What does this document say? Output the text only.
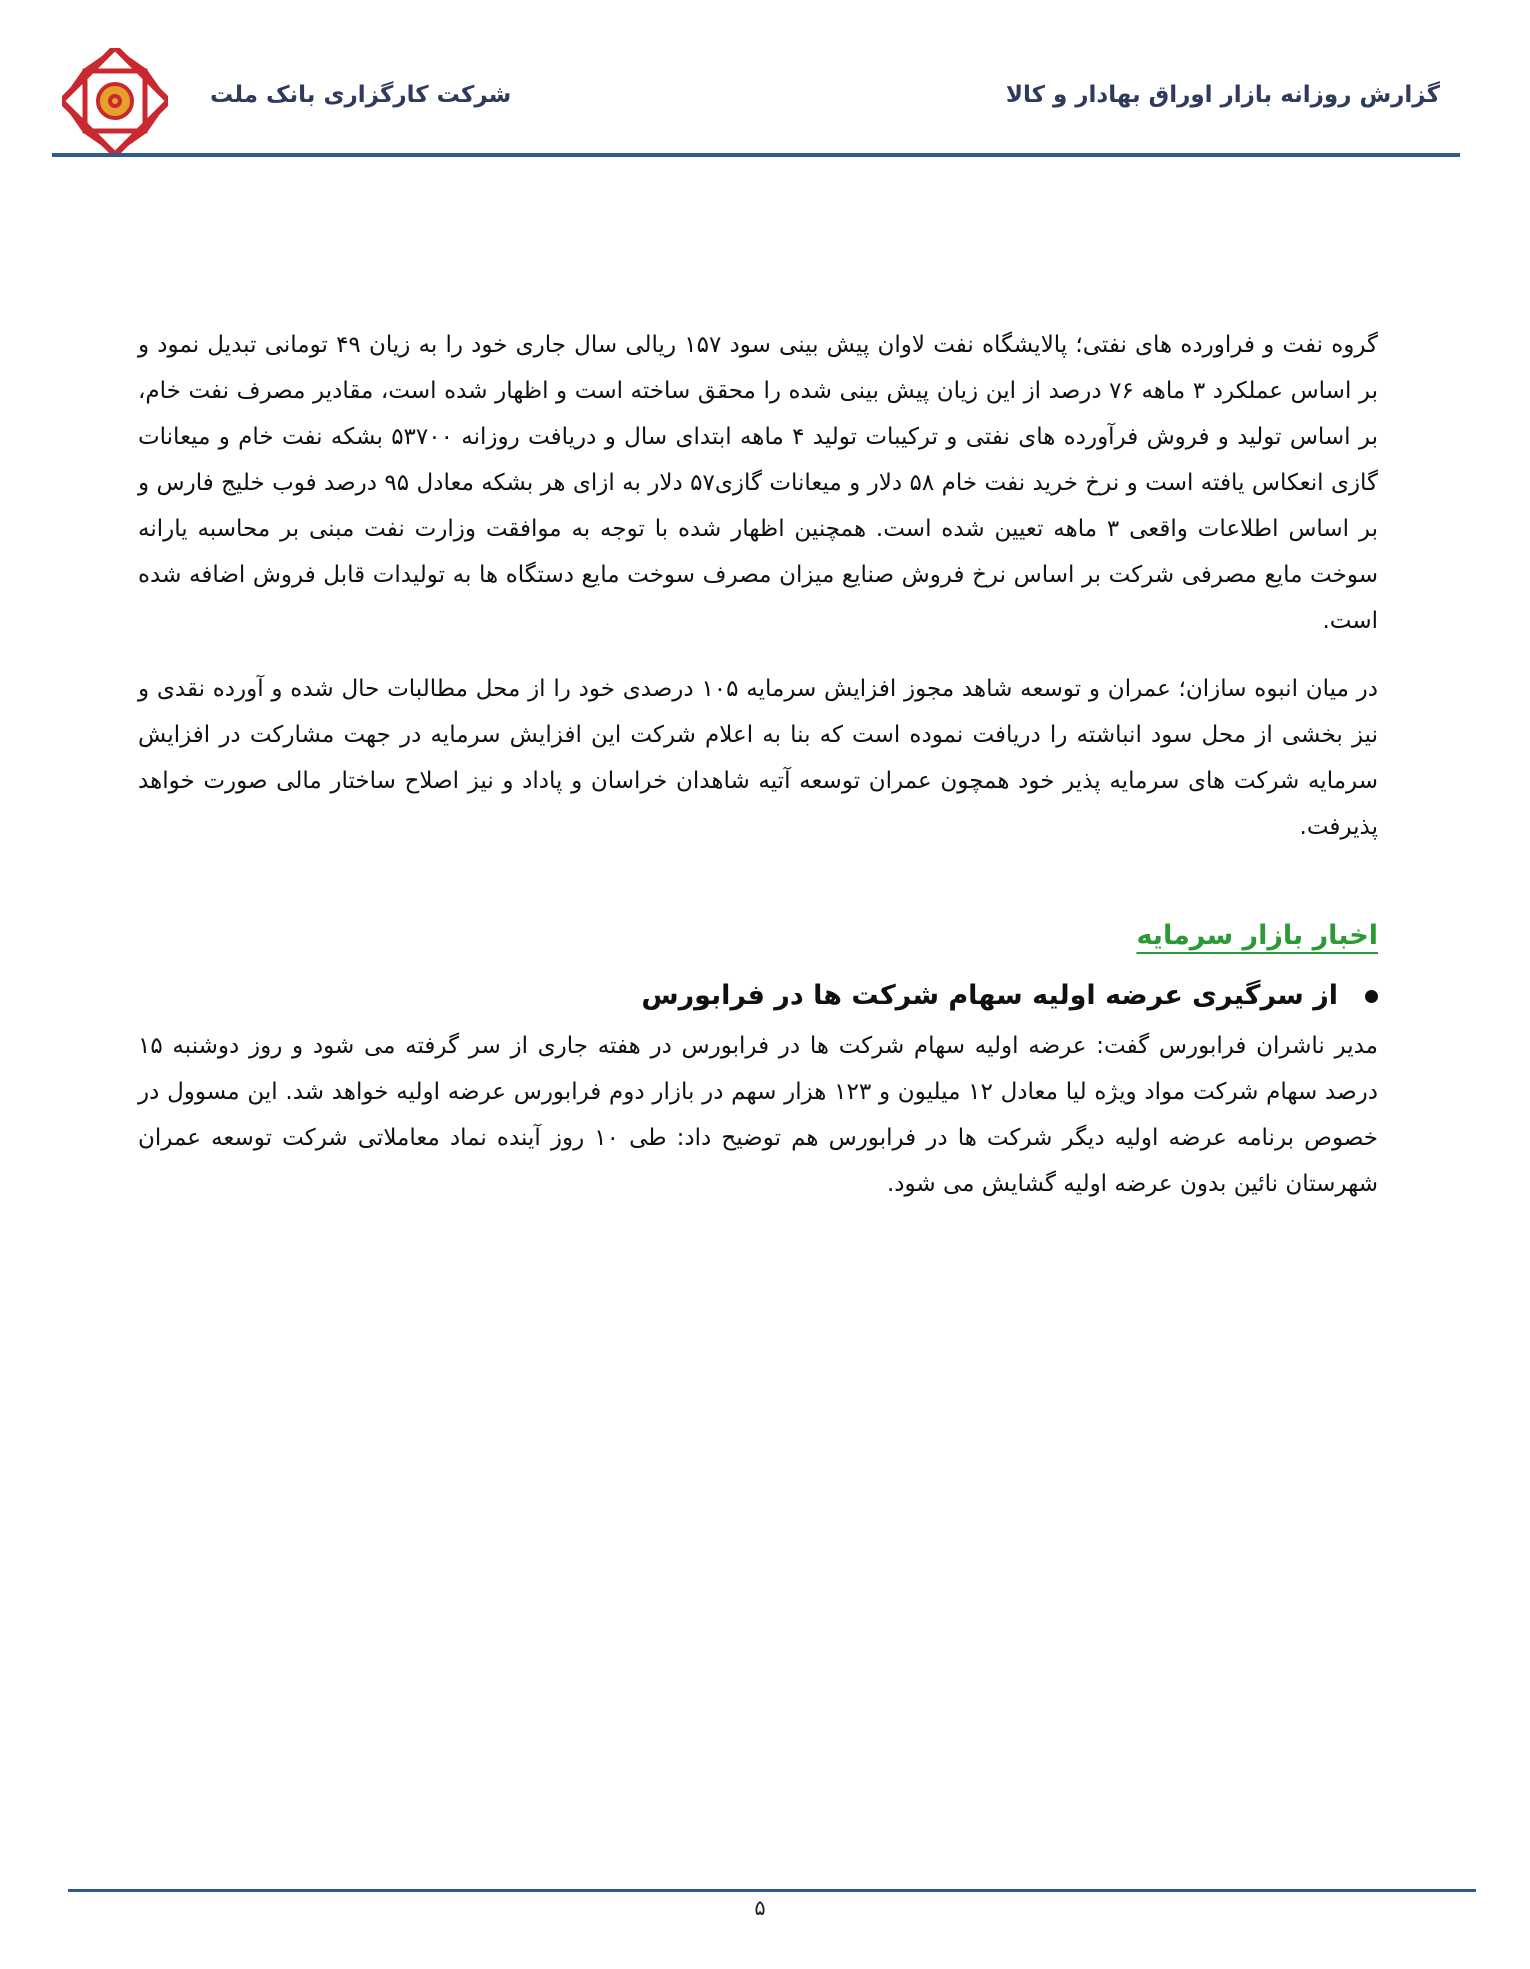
گزارش روزانه بازار اوراق بهادار و کالا
شرکت کارگزاری بانک ملت

گروه نفت و فراورده های نفتی؛ پالایشگاه نفت لاوان پیش بینی سود ۱۵۷ ریالی سال جاری خود را به زیان ۴۹ تومانی تبدیل نمود و بر اساس عملکرد ۳ ماهه ۷۶ درصد از این زیان پیش بینی شده را محقق ساخته است و اظهار شده است، مقادیر مصرف نفت خام، بر اساس تولید و فروش فرآورده های نفتی و ترکیبات تولید ۴ ماهه ابتدای سال و دریافت روزانه ۵۳۷۰۰ بشکه نفت خام و میعانات گازی انعکاس یافته است و نرخ خرید نفت خام ۵۸ دلار و میعانات گازی۵۷ دلار به ازای هر بشکه معادل ۹۵ درصد فوب خلیج فارس و بر اساس اطلاعات واقعی ۳ ماهه تعیین شده است. همچنین اظهار شده با توجه به موافقت وزارت نفت مبنی بر محاسبه یارانه سوخت مایع مصرفی شرکت بر اساس نرخ فروش صنایع میزان مصرف سوخت مایع دستگاه ها به تولیدات قابل فروش اضافه شده است.

در میان انبوه سازان؛ عمران و توسعه شاهد مجوز افزایش سرمایه ۱۰۵ درصدی خود را از محل مطالبات حال شده و آورده نقدی و نیز بخشی از محل سود انباشته را دریافت نموده است که بنا به اعلام شرکت این افزایش سرمایه در جهت مشارکت در افزایش سرمایه شرکت های سرمایه پذیر خود همچون عمران توسعه آتیه شاهدان خراسان و پاداد و نیز اصلاح ساختار مالی صورت خواهد پذیرفت.

اخبار بازار سرمایه
از سرگیری عرضه اولیه سهام شرکت ها در فرابورس

مدیر ناشران فرابورس گفت: عرضه اولیه سهام شرکت ها در فرابورس در هفته جاری از سر گرفته می شود و روز دوشنبه ۱۵ درصد سهام شرکت مواد ویژه لیا معادل ۱۲ میلیون و ۱۲۳ هزار سهم در بازار دوم فرابورس عرضه اولیه خواهد شد. این مسوول در خصوص برنامه عرضه اولیه دیگر شرکت ها در فرابورس هم توضیح داد: طی ۱۰ روز آینده نماد معاملاتی شرکت توسعه عمران شهرستان نائین بدون عرضه اولیه گشایش می شود.

۵
